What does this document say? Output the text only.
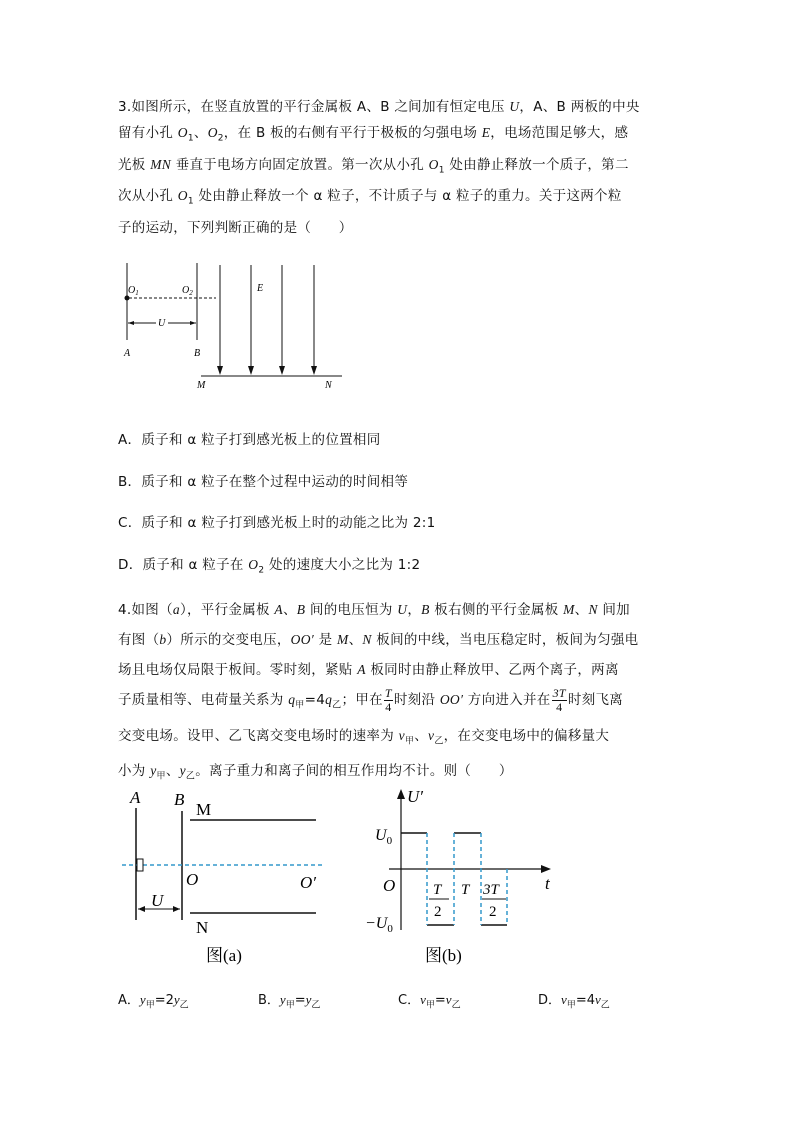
3.如图所示，在竖直放置的平行金属板 A、B 之间加有恒定电压 U，A、B 两板的中央
留有小孔 $O_1$、$O_2$，在 B 板的右侧有平行于极板的匀强电场 E，电场范围足够大，感
光板 MN 垂直于电场方向固定放置。第一次从小孔 $O_1$ 处由静止释放一个质子，第二
次从小孔 $O_1$ 处由静止释放一个 α 粒子，不计质子与 α 粒子的重力。关于这两个粒
子的运动，下列判断正确的是（　　）
$O_1$	$O_2$
U
A	B
E
M	N
A．质子和 α 粒子打到感光板上的位置相同
B．质子和 α 粒子在整个过程中运动的时间相等
C．质子和 α 粒子打到感光板上时的动能之比为 2:1
D．质子和 α 粒子在 $O_2$ 处的速度大小之比为 1:2
4.如图（a），平行金属板 A、B 间的电压恒为 U，B 板右侧的平行金属板 M、N 间加
有图（b）所示的交变电压，OO′ 是 M、N 板间的中线，当电压稳定时，板间为匀强电
场且电场仅局限于板间。零时刻，紧贴 A 板同时由静止释放甲、乙两个离子，两离
子质量相等、电荷量关系为 $q_甲=4q_乙$；甲在 $\frac{T}{4}$ 时刻沿 OO′ 方向进入并在 $\frac{3T}{4}$ 时刻飞离
交变电场。设甲、乙飞离交变电场时的速率为 $v_甲$、$v_乙$，在交变电场中的偏移量大
小为 $y_甲$、$y_乙$。离子重力和离子间的相互作用均不计。则（　　）
A B
M
O	O′
U
N
图(a)
U′
t
$U_0$
$-U_0$
O	T
2
T 3T
2
图(b)
A．$y_甲=2y_乙$	B．$y_甲=y_乙$	C．$v_甲=v_乙$	D．$v_甲=4v_乙$
